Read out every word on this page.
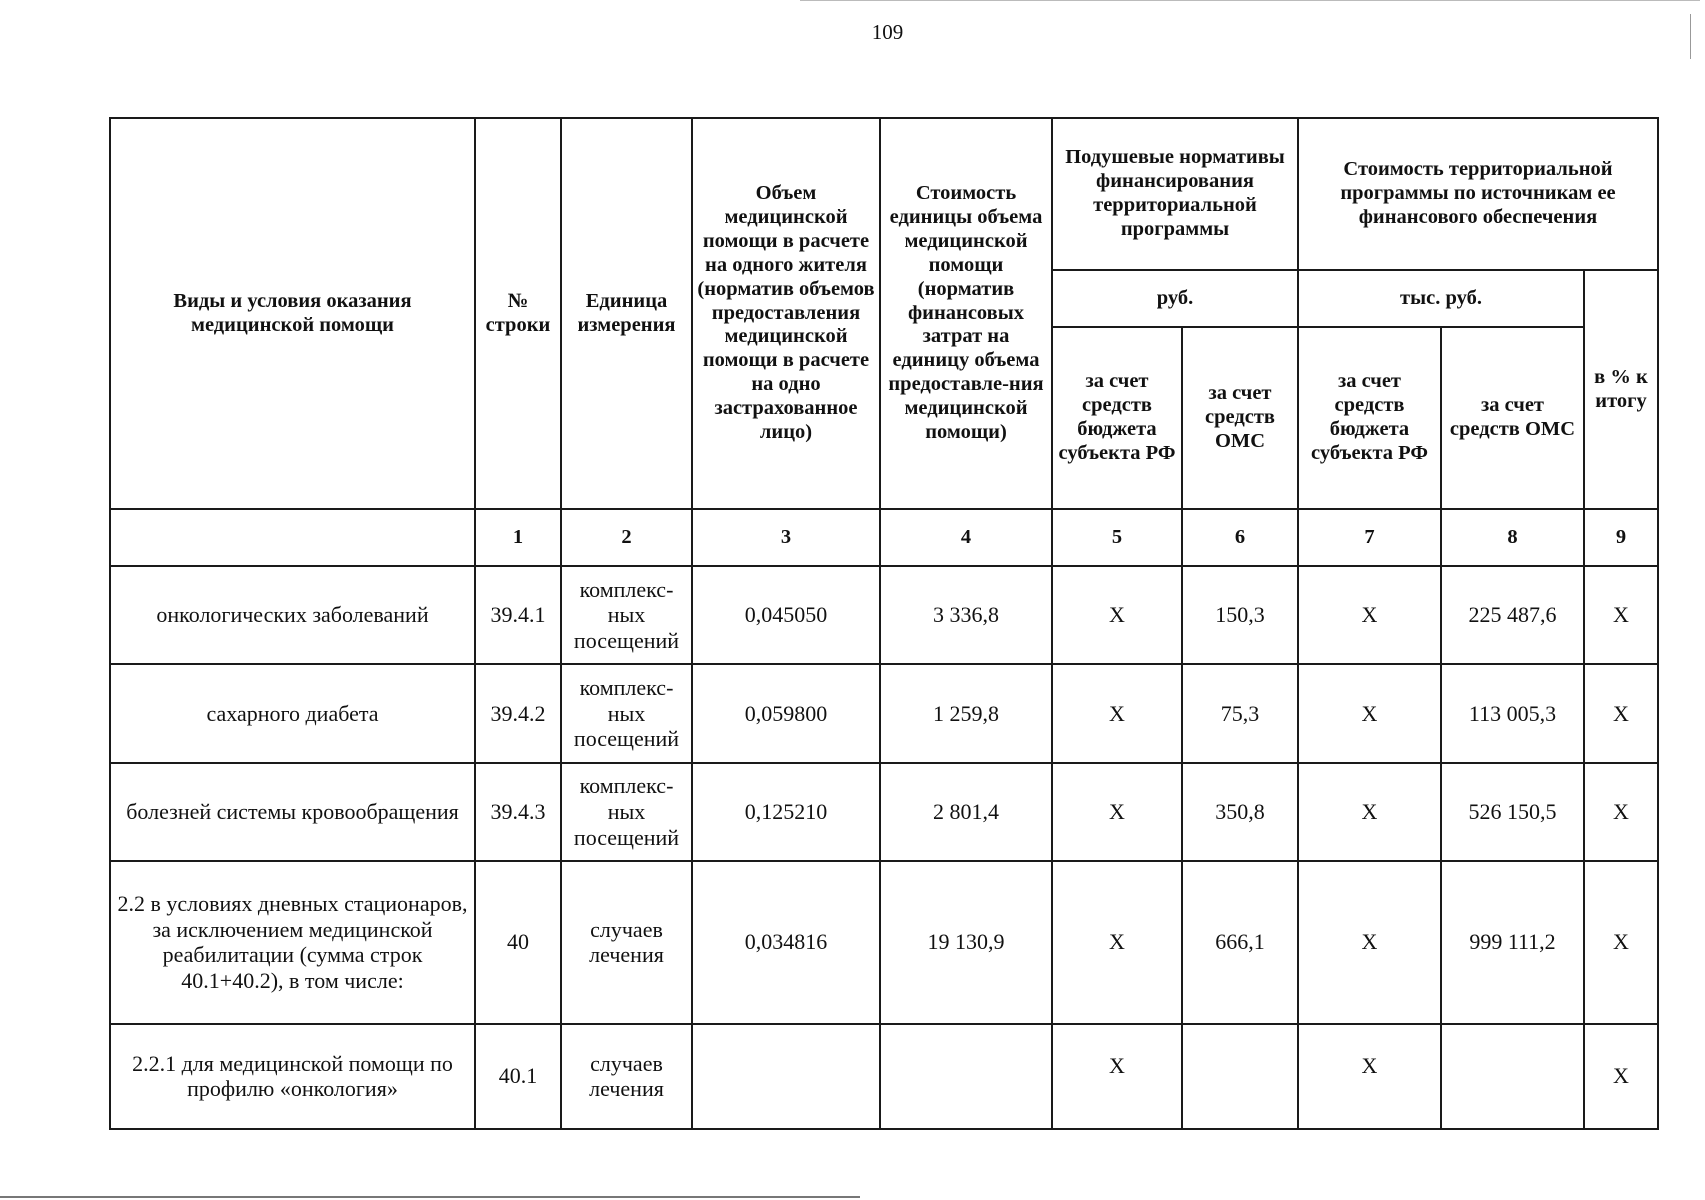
109
Виды и условия оказания медицинской помощи	№ строки	Единица измерения	Объем медицинской помощи в расчете на одного жителя (норматив объемов предоставления медицинской помощи в расчете на одно застрахованное лицо)	Стоимость единицы объема медицинской помощи (норматив финансовых затрат на единицу объема предоставле-ния медицинской помощи)	Подушевые нормативы финансирования территориальной программы		Стоимость территориальной программы по источникам ее финансового обеспечения		
					руб.		тыс. руб.		в % к итогу
					за счет средств бюджета субъекта РФ	за счет средств ОМС	за счет средств бюджета субъекта РФ	за счет средств ОМС	
	1	2	3	4	5	6	7	8	9
онкологических заболеваний	39.4.1	комплекс-ных посещений	0,045050	3 336,8	X	150,3	X	225 487,6	X
сахарного диабета	39.4.2	комплекс-ных посещений	0,059800	1 259,8	X	75,3	X	113 005,3	X
болезней системы кровообращения	39.4.3	комплекс-ных посещений	0,125210	2 801,4	X	350,8	X	526 150,5	X
2.2 в условиях дневных стационаров, за исключением медицинской реабилитации (сумма строк 40.1+40.2), в том числе:	40	случаев лечения	0,034816	19 130,9	X	666,1	X	999 111,2	X
2.2.1 для медицинской помощи по профилю «онкология»	40.1	случаев лечения			X		X		X
